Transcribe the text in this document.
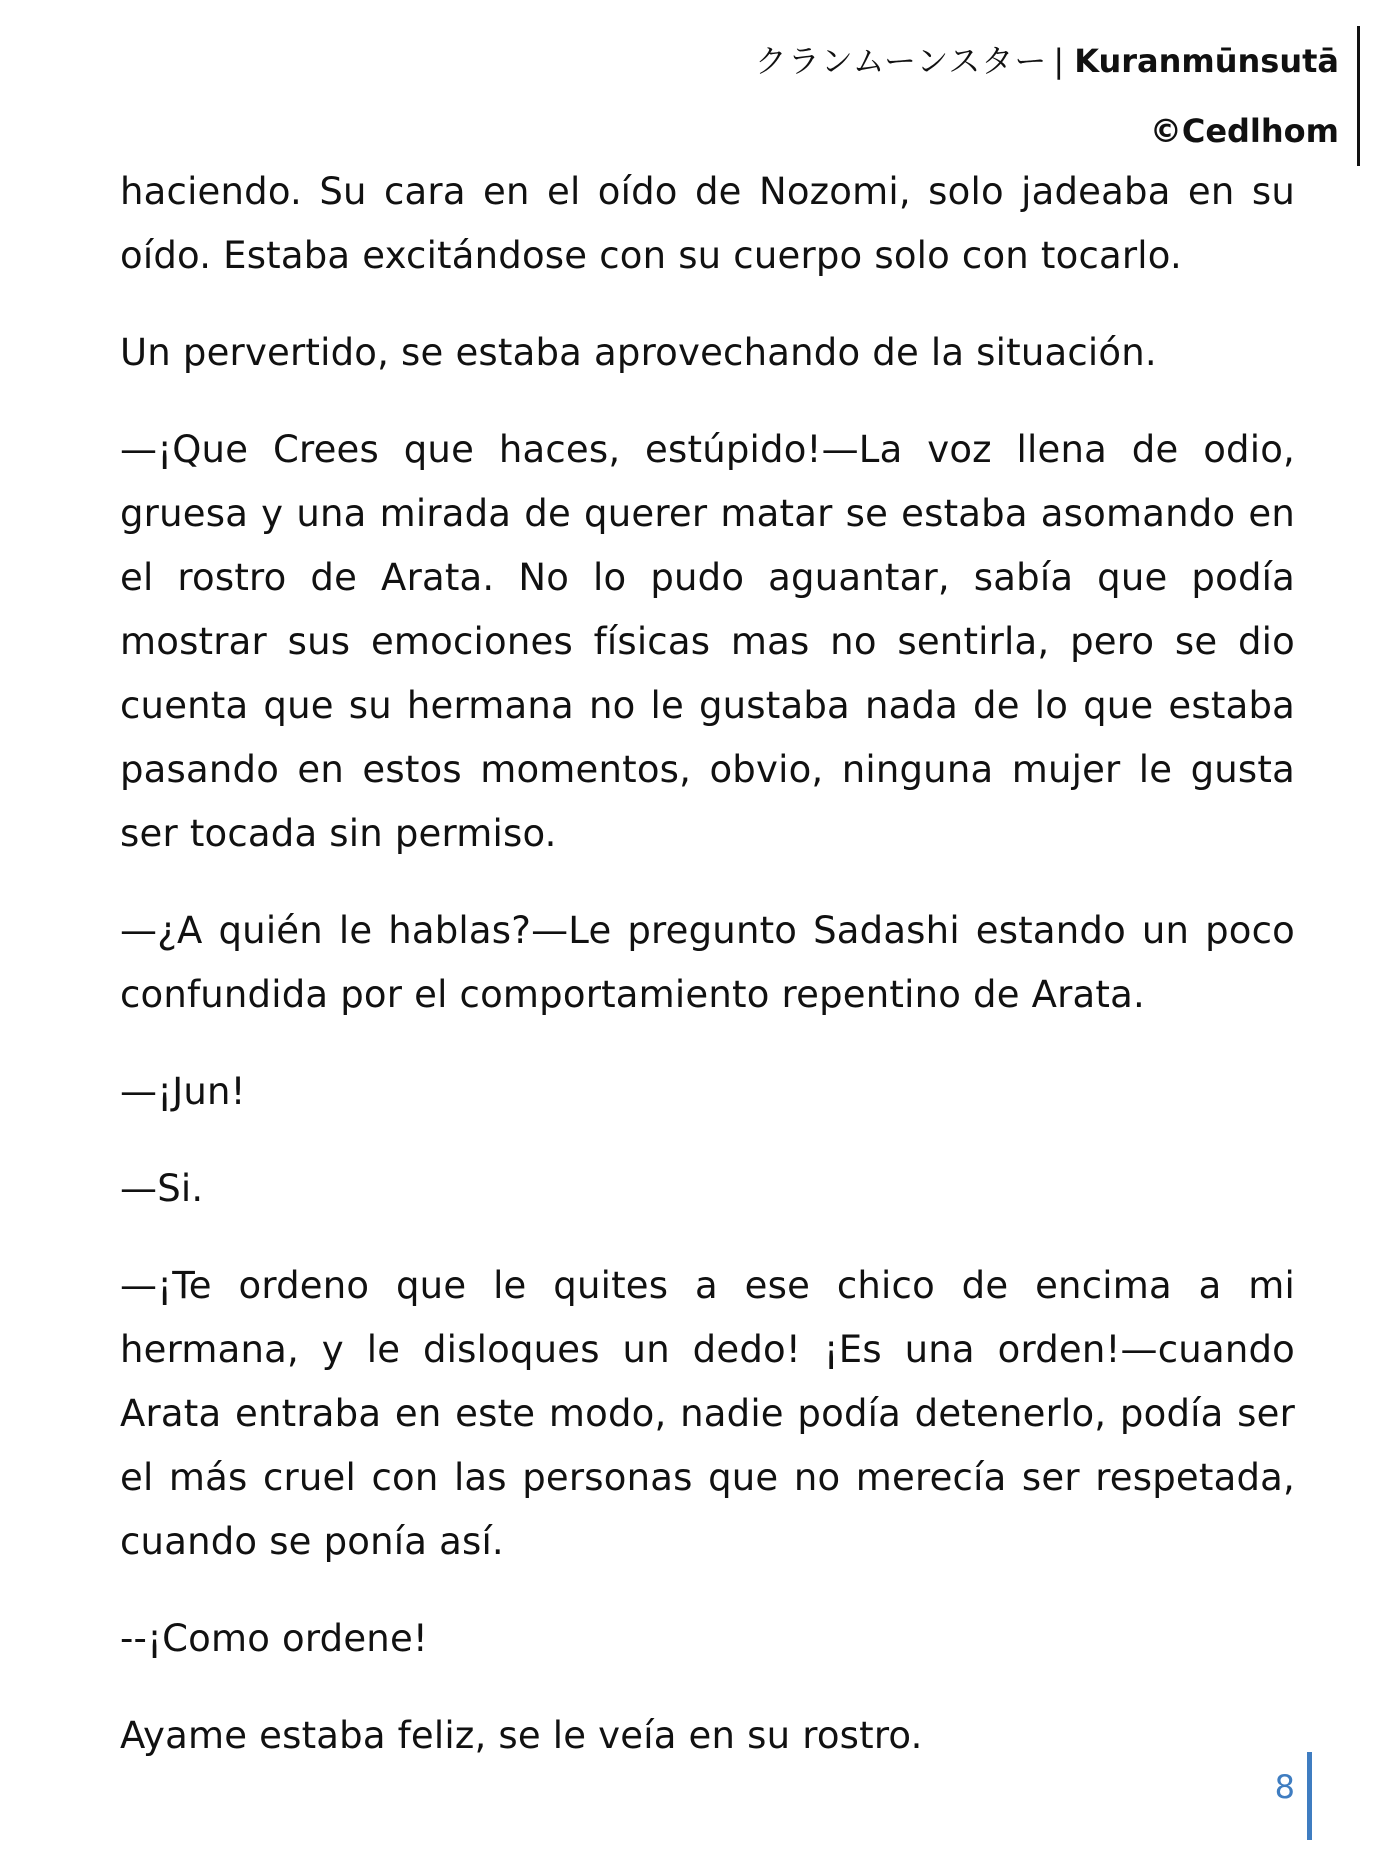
クランムーンスター | Kuranmūnsutā
©Cedlhom

haciendo. Su cara en el oído de Nozomi, solo jadeaba en su oído. Estaba excitándose con su cuerpo solo con tocarlo.

Un pervertido, se estaba aprovechando de la situación.

—¡Que Crees que haces, estúpido!—La voz llena de odio, gruesa y una mirada de querer matar se estaba asomando en el rostro de Arata. No lo pudo aguantar, sabía que podía mostrar sus emociones físicas mas no sentirla, pero se dio cuenta que su hermana no le gustaba nada de lo que estaba pasando en estos momentos, obvio, ninguna mujer le gusta ser tocada sin permiso.

—¿A quién le hablas?—Le pregunto Sadashi estando un poco confundida por el comportamiento repentino de Arata.

—¡Jun!

—Si.

—¡Te ordeno que le quites a ese chico de encima a mi hermana, y le disloques un dedo! ¡Es una orden!—cuando Arata entraba en este modo, nadie podía detenerlo, podía ser el más cruel con las personas que no merecía ser respetada, cuando se ponía así.

--¡Como ordene!

Ayame estaba feliz, se le veía en su rostro.

8
